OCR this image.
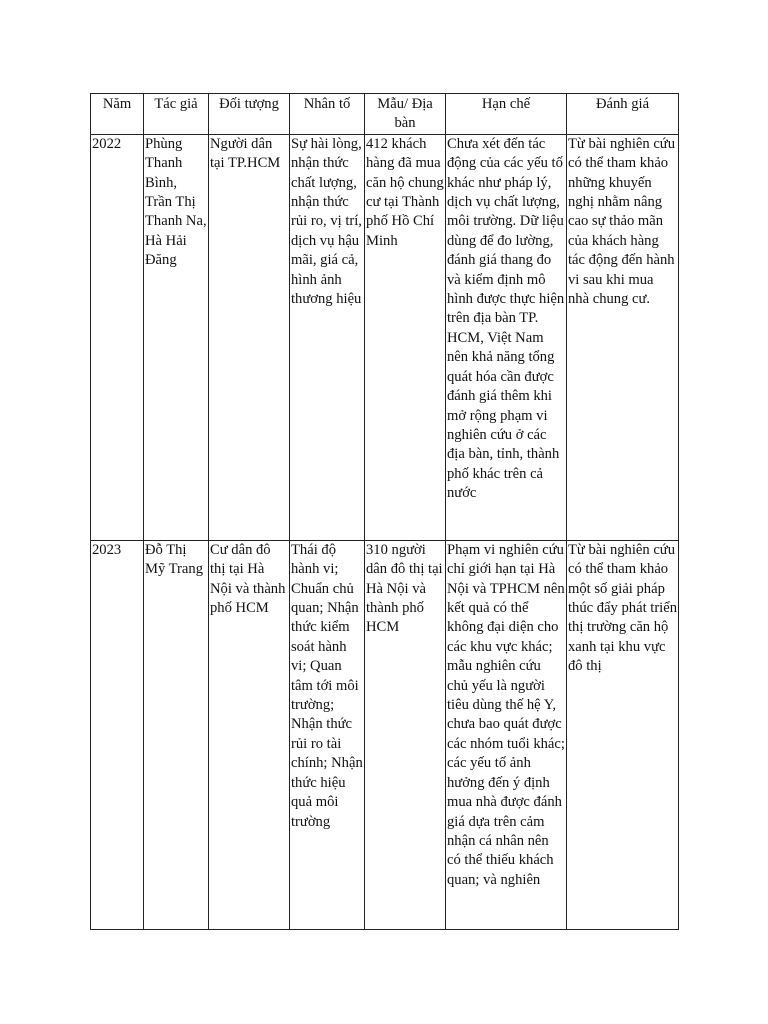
Năm	Tác giả	Đối tượng	Nhân tố	Mẫu/ Địa bàn	Hạn chế	Đánh giá
2022	Phùng Thanh Bình, Trần Thị Thanh Na, Hà Hải Đăng	Người dân tại TP.HCM	Sự hài lòng, nhận thức chất lượng, nhận thức rủi ro, vị trí, dịch vụ hậu mãi, giá cả, hình ảnh thương hiệu	412 khách hàng đã mua căn hộ chung cư tại Thành phố Hồ Chí Minh	Chưa xét đến tác động của các yếu tố khác như pháp lý, dịch vụ chất lượng, môi trường. Dữ liệu dùng để đo lường, đánh giá thang đo và kiểm định mô hình được thực hiện trên địa bàn TP. HCM, Việt Nam nên khả năng tổng quát hóa cần được đánh giá thêm khi mở rộng phạm vi nghiên cứu ở các địa bàn, tỉnh, thành phố khác trên cả nước	Từ bài nghiên cứu có thể tham khảo những khuyến nghị nhằm nâng cao sự thảo mãn của khách hàng tác động đến hành vi sau khi mua nhà chung cư.
2023	Đỗ Thị Mỹ Trang	Cư dân đô thị tại Hà Nội và thành phố HCM	Thái độ hành vi; Chuẩn chủ quan; Nhận thức kiểm soát hành vi; Quan tâm tới môi trường; Nhận thức rủi ro tài chính; Nhận thức hiệu quả môi trường	310 người dân đô thị tại Hà Nội và thành phố HCM	Phạm vi nghiên cứu chỉ giới hạn tại Hà Nội và TPHCM nên kết quả có thể không đại diện cho các khu vực khác; mẫu nghiên cứu chủ yếu là người tiêu dùng thế hệ Y, chưa bao quát được các nhóm tuổi khác; các yếu tố ảnh hưởng đến ý định mua nhà được đánh giá dựa trên cảm nhận cá nhân nên có thể thiếu khách quan; và nghiên	Từ bài nghiên cứu có thể tham khảo một số giải pháp thúc đẩy phát triển thị trường căn hộ xanh tại khu vực đô thị
